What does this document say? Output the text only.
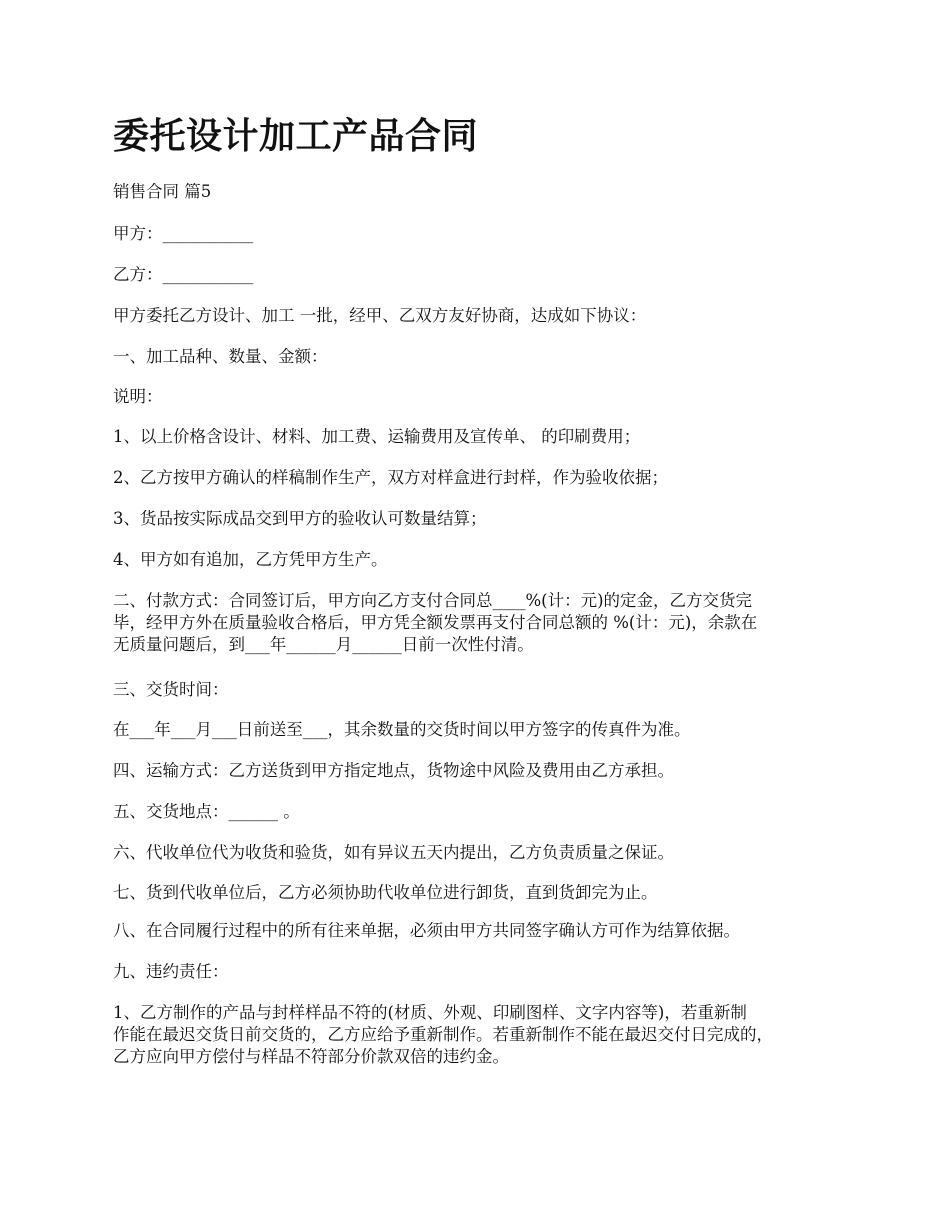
委托设计加工产品合同

销售合同 篇5

甲方：___________

乙方：___________

甲方委托乙方设计、加工 一批，经甲、乙双方友好协商，达成如下协议：

一、加工品种、数量、金额：

说明：

1、以上价格含设计、材料、加工费、运输费用及宣传单、 的印刷费用；

2、乙方按甲方确认的样稿制作生产，双方对样盒进行封样，作为验收依据；

3、货品按实际成品交到甲方的验收认可数量结算；

4、甲方如有追加，乙方凭甲方生产。

二、付款方式：合同签订后，甲方向乙方支付合同总____%(计：元)的定金，乙方交货完
毕，经甲方外在质量验收合格后，甲方凭全额发票再支付合同总额的 %(计：元)，余款在
无质量问题后，到___年______月______日前一次性付清。

三、交货时间：

在___年___月___日前送至___，其余数量的交货时间以甲方签字的传真件为准。

四、运输方式：乙方送货到甲方指定地点，货物途中风险及费用由乙方承担。

五、交货地点：______ 。

六、代收单位代为收货和验货，如有异议五天内提出，乙方负责质量之保证。

七、货到代收单位后，乙方必须协助代收单位进行卸货，直到货卸完为止。

八、在合同履行过程中的所有往来单据，必须由甲方共同签字确认方可作为结算依据。

九、违约责任：

1、乙方制作的产品与封样样品不符的(材质、外观、印刷图样、文字内容等)，若重新制
作能在最迟交货日前交货的，乙方应给予重新制作。若重新制作不能在最迟交付日完成的，
乙方应向甲方偿付与样品不符部分价款双倍的违约金。
